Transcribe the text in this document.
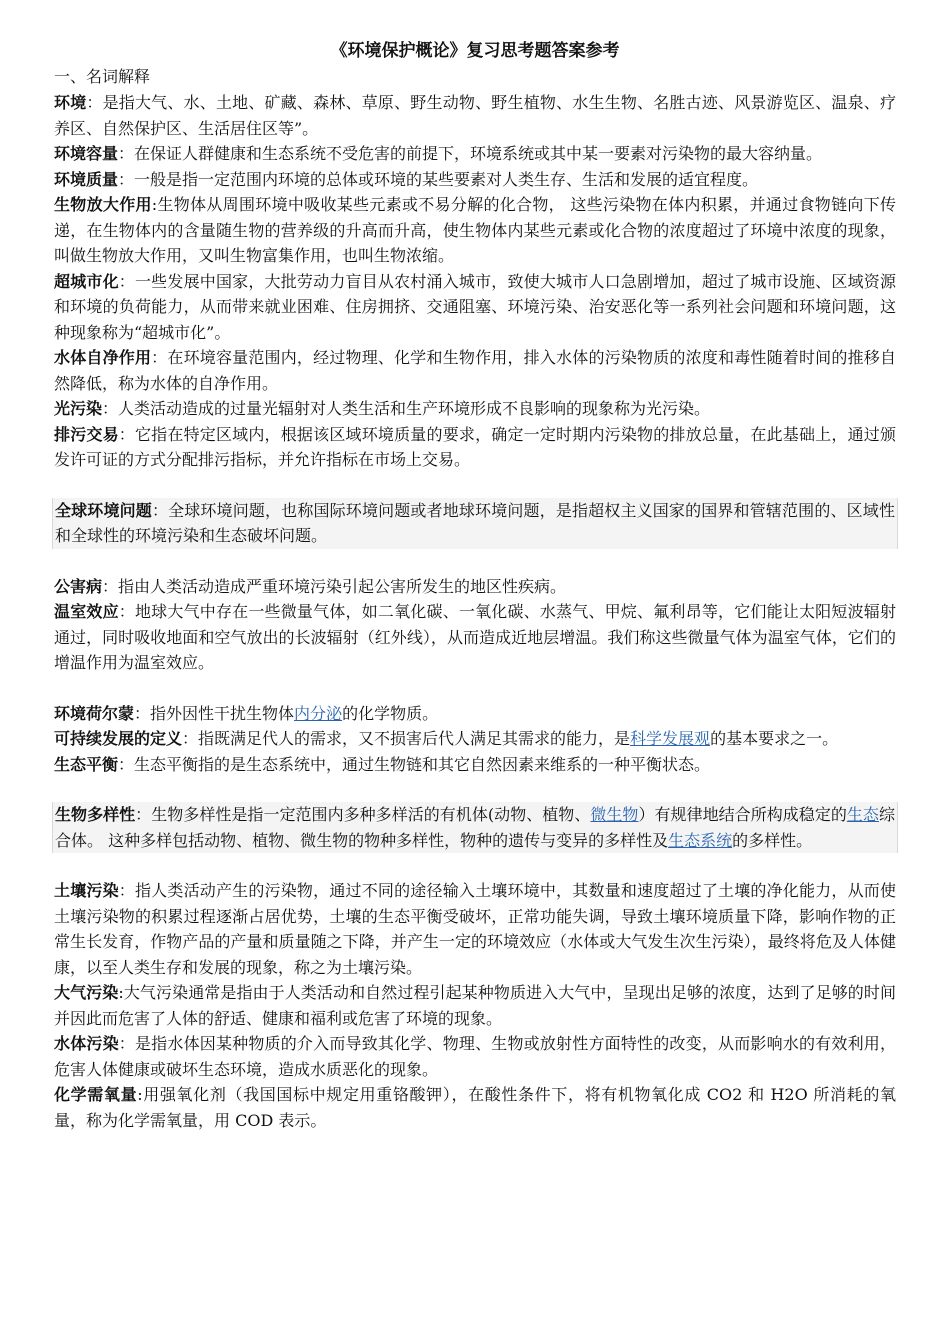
《环境保护概论》复习思考题答案参考

一、名词解释

环境：是指大气、水、土地、矿藏、森林、草原、野生动物、野生植物、水生生物、名胜古迹、风景游览区、温泉、疗养区、自然保护区、生活居住区等”。

环境容量：在保证人群健康和生态系统不受危害的前提下，环境系统或其中某一要素对污染物的最大容纳量。

环境质量：一般是指一定范围内环境的总体或环境的某些要素对人类生存、生活和发展的适宜程度。

生物放大作用:生物体从周围环境中吸收某些元素或不易分解的化合物， 这些污染物在体内积累，并通过食物链向下传递，在生物体内的含量随生物的营养级的升高而升高，使生物体内某些元素或化合物的浓度超过了环境中浓度的现象，叫做生物放大作用，又叫生物富集作用，也叫生物浓缩。

超城市化：一些发展中国家，大批劳动力盲目从农村涌入城市，致使大城市人口急剧增加，超过了城市设施、区域资源和环境的负荷能力，从而带来就业困难、住房拥挤、交通阻塞、环境污染、治安恶化等一系列社会问题和环境问题，这种现象称为“超城市化”。

水体自净作用：在环境容量范围内，经过物理、化学和生物作用，排入水体的污染物质的浓度和毒性随着时间的推移自然降低，称为水体的自净作用。

光污染：人类活动造成的过量光辐射对人类生活和生产环境形成不良影响的现象称为光污染。

排污交易：它指在特定区域内，根据该区域环境质量的要求，确定一定时期内污染物的排放总量，在此基础上，通过颁发许可证的方式分配排污指标，并允许指标在市场上交易。

全球环境问题：全球环境问题，也称国际环境问题或者地球环境问题，是指超权主义国家的国界和管辖范围的、区域性和全球性的环境污染和生态破坏问题。

公害病：指由人类活动造成严重环境污染引起公害所发生的地区性疾病。

温室效应：地球大气中存在一些微量气体，如二氧化碳、一氧化碳、水蒸气、甲烷、氟利昂等，它们能让太阳短波辐射通过，同时吸收地面和空气放出的长波辐射（红外线），从而造成近地层增温。我们称这些微量气体为温室气体，它们的增温作用为温室效应。

环境荷尔蒙：指外因性干扰生物体内分泌的化学物质。

可持续发展的定义：指既满足代人的需求，又不损害后代人满足其需求的能力，是科学发展观的基本要求之一。

生态平衡：生态平衡指的是生态系统中，通过生物链和其它自然因素来维系的一种平衡状态。

生物多样性：生物多样性是指一定范围内多种多样活的有机体(动物、植物、微生物）有规律地结合所构成稳定的生态综合体。 这种多样包括动物、植物、微生物的物种多样性，物种的遗传与变异的多样性及生态系统的多样性。

土壤污染：指人类活动产生的污染物，通过不同的途径输入土壤环境中，其数量和速度超过了土壤的净化能力，从而使土壤污染物的积累过程逐渐占居优势，土壤的生态平衡受破坏，正常功能失调，导致土壤环境质量下降，影响作物的正常生长发育，作物产品的产量和质量随之下降，并产生一定的环境效应（水体或大气发生次生污染），最终将危及人体健康，以至人类生存和发展的现象，称之为土壤污染。

大气污染:大气污染通常是指由于人类活动和自然过程引起某种物质进入大气中，呈现出足够的浓度，达到了足够的时间并因此而危害了人体的舒适、健康和福利或危害了环境的现象。

水体污染：是指水体因某种物质的介入而导致其化学、物理、生物或放射性方面特性的改变，从而影响水的有效利用，危害人体健康或破坏生态环境，造成水质恶化的现象。

化学需氧量:用强氧化剂（我国国标中规定用重铬酸钾），在酸性条件下，将有机物氧化成 CO2 和 H2O 所消耗的氧量，称为化学需氧量，用 COD 表示。
